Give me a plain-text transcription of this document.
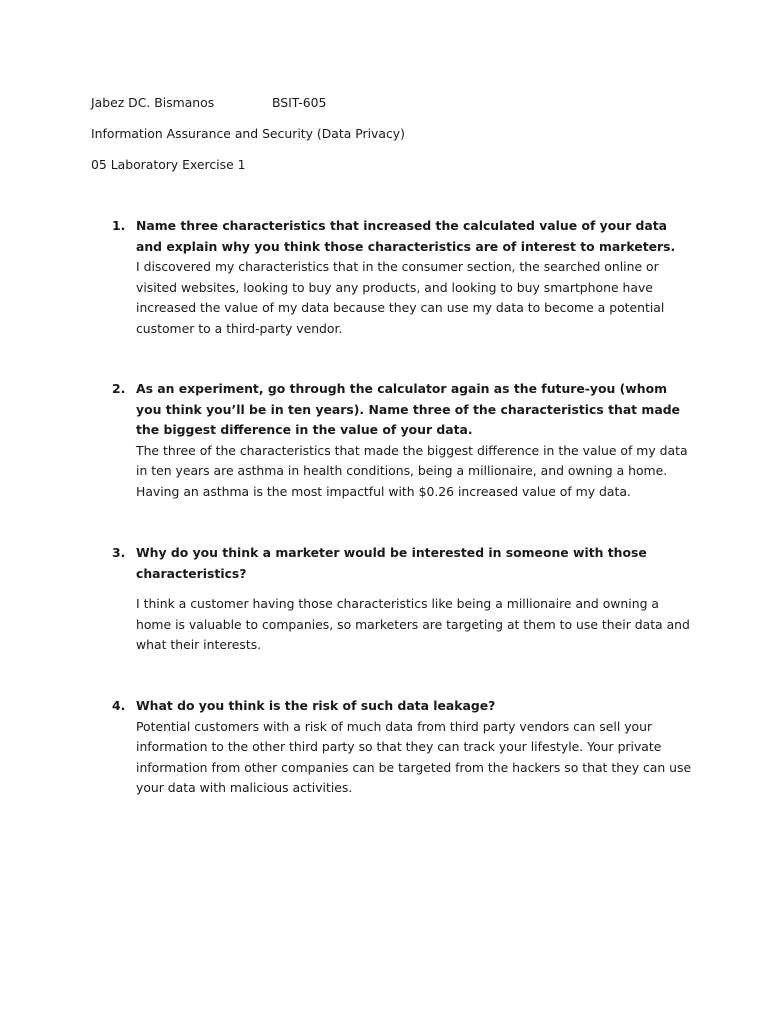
Jabez DC. Bismanos	BSIT-605
Information Assurance and Security (Data Privacy)
05 Laboratory Exercise 1
1. Name three characteristics that increased the calculated value of your data and explain why you think those characteristics are of interest to marketers.

I discovered my characteristics that in the consumer section, the searched online or visited websites, looking to buy any products, and looking to buy smartphone have increased the value of my data because they can use my data to become a potential customer to a third-party vendor.

2. As an experiment, go through the calculator again as the future-you (whom you think you’ll be in ten years). Name three of the characteristics that made the biggest difference in the value of your data.

The three of the characteristics that made the biggest difference in the value of my data in ten years are asthma in health conditions, being a millionaire, and owning a home. Having an asthma is the most impactful with $0.26 increased value of my data.

3. Why do you think a marketer would be interested in someone with those characteristics?

I think a customer having those characteristics like being a millionaire and owning a home is valuable to companies, so marketers are targeting at them to use their data and what their interests.

4. What do you think is the risk of such data leakage?

Potential customers with a risk of much data from third party vendors can sell your information to the other third party so that they can track your lifestyle. Your private information from other companies can be targeted from the hackers so that they can use your data with malicious activities.
